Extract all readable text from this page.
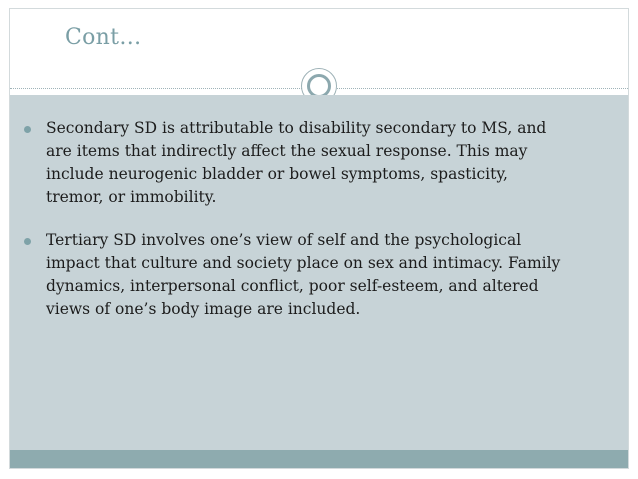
Cont…
Secondary SD is attributable to disability secondary to MS, and
are items that indirectly affect the sexual response. This may
include neurogenic bladder or bowel symptoms, spasticity,
tremor, or immobility.
Tertiary SD involves one’s view of self and the psychological
impact that culture and society place on sex and intimacy. Family
dynamics, interpersonal conflict, poor self-esteem, and altered
views of one’s body image are included.
